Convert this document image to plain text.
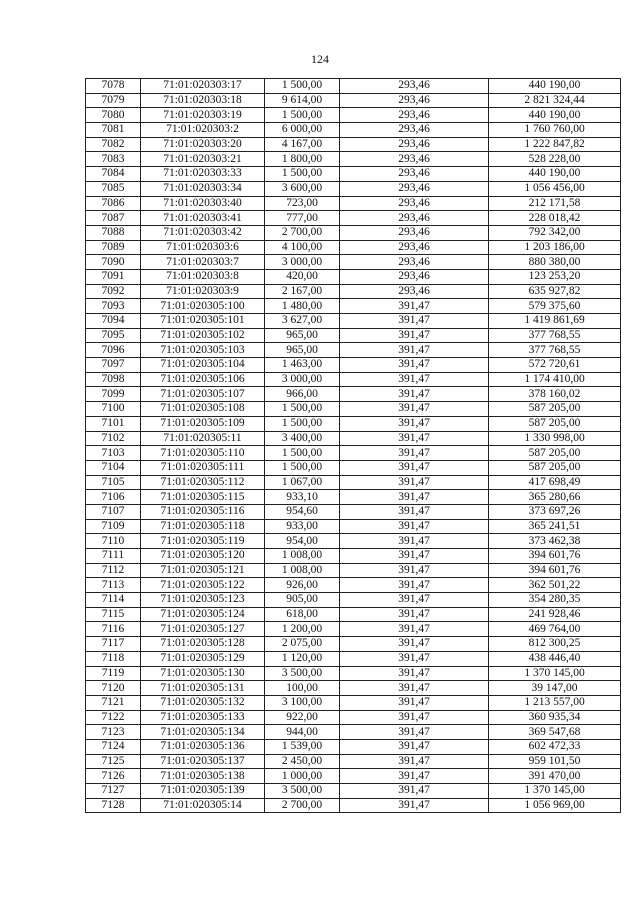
124
7078	71:01:020303:17	1 500,00	293,46	440 190,00
7079	71:01:020303:18	9 614,00	293,46	2 821 324,44
7080	71:01:020303:19	1 500,00	293,46	440 190,00
7081	71:01:020303:2	6 000,00	293,46	1 760 760,00
7082	71:01:020303:20	4 167,00	293,46	1 222 847,82
7083	71:01:020303:21	1 800,00	293,46	528 228,00
7084	71:01:020303:33	1 500,00	293,46	440 190,00
7085	71:01:020303:34	3 600,00	293,46	1 056 456,00
7086	71:01:020303:40	723,00	293,46	212 171,58
7087	71:01:020303:41	777,00	293,46	228 018,42
7088	71:01:020303:42	2 700,00	293,46	792 342,00
7089	71:01:020303:6	4 100,00	293,46	1 203 186,00
7090	71:01:020303:7	3 000,00	293,46	880 380,00
7091	71:01:020303:8	420,00	293,46	123 253,20
7092	71:01:020303:9	2 167,00	293,46	635 927,82
7093	71:01:020305:100	1 480,00	391,47	579 375,60
7094	71:01:020305:101	3 627,00	391,47	1 419 861,69
7095	71:01:020305:102	965,00	391,47	377 768,55
7096	71:01:020305:103	965,00	391,47	377 768,55
7097	71:01:020305:104	1 463,00	391,47	572 720,61
7098	71:01:020305:106	3 000,00	391,47	1 174 410,00
7099	71:01:020305:107	966,00	391,47	378 160,02
7100	71:01:020305:108	1 500,00	391,47	587 205,00
7101	71:01:020305:109	1 500,00	391,47	587 205,00
7102	71:01:020305:11	3 400,00	391,47	1 330 998,00
7103	71:01:020305:110	1 500,00	391,47	587 205,00
7104	71:01:020305:111	1 500,00	391,47	587 205,00
7105	71:01:020305:112	1 067,00	391,47	417 698,49
7106	71:01:020305:115	933,10	391,47	365 280,66
7107	71:01:020305:116	954,60	391,47	373 697,26
7109	71:01:020305:118	933,00	391,47	365 241,51
7110	71:01:020305:119	954,00	391,47	373 462,38
7111	71:01:020305:120	1 008,00	391,47	394 601,76
7112	71:01:020305:121	1 008,00	391,47	394 601,76
7113	71:01:020305:122	926,00	391,47	362 501,22
7114	71:01:020305:123	905,00	391,47	354 280,35
7115	71:01:020305:124	618,00	391,47	241 928,46
7116	71:01:020305:127	1 200,00	391,47	469 764,00
7117	71:01:020305:128	2 075,00	391,47	812 300,25
7118	71:01:020305:129	1 120,00	391,47	438 446,40
7119	71:01:020305:130	3 500,00	391,47	1 370 145,00
7120	71:01:020305:131	100,00	391,47	39 147,00
7121	71:01:020305:132	3 100,00	391,47	1 213 557,00
7122	71:01:020305:133	922,00	391,47	360 935,34
7123	71:01:020305:134	944,00	391,47	369 547,68
7124	71:01:020305:136	1 539,00	391,47	602 472,33
7125	71:01:020305:137	2 450,00	391,47	959 101,50
7126	71:01:020305:138	1 000,00	391,47	391 470,00
7127	71:01:020305:139	3 500,00	391,47	1 370 145,00
7128	71:01:020305:14	2 700,00	391,47	1 056 969,00
